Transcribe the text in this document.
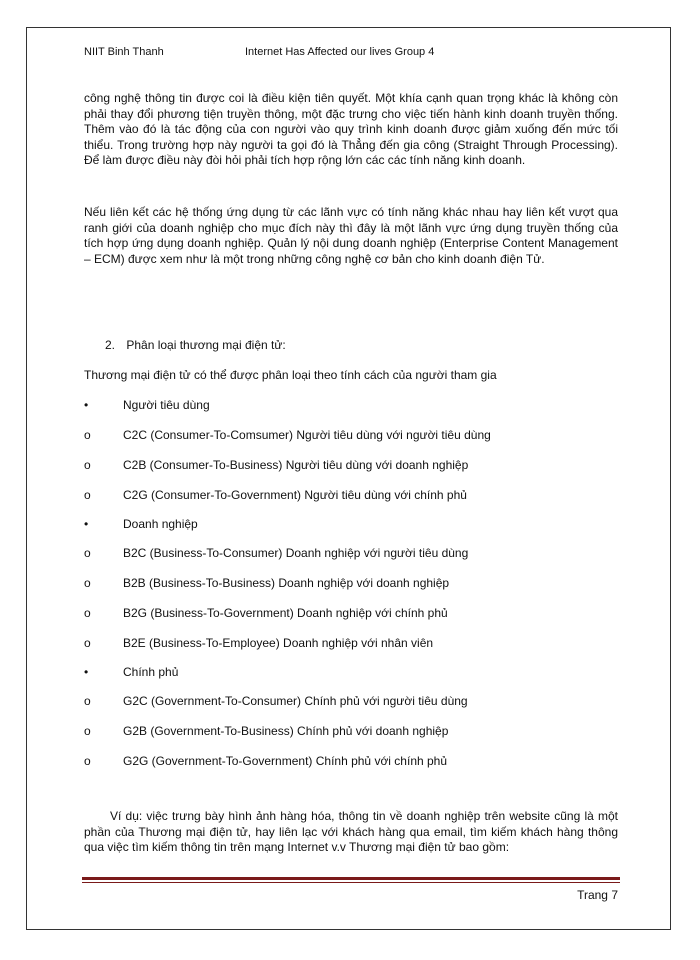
NIIT Binh Thanh	Internet Has Affected our lives Group 4

công nghệ thông tin được coi là điều kiện tiên quyết. Một khía cạnh quan trọng khác là không còn phải thay đổi phương tiện truyền thông, một đặc trưng cho việc tiến hành kinh doanh truyền thống. Thêm vào đó là tác động của con người vào quy trình kinh doanh được giảm xuống đến mức tối thiểu. Trong trường hợp này người ta gọi đó là Thẳng đến gia công (Straight Through Processing). Để làm được điều này đòi hỏi phải tích hợp rộng lớn các các tính năng kinh doanh.

Nếu liên kết các hệ thống ứng dụng từ các lãnh vực có tính năng khác nhau hay liên kết vượt qua ranh giới của doanh nghiệp cho mục đích này thì đây là một lãnh vực ứng dụng truyền thống của tích hợp ứng dụng doanh nghiệp. Quản lý nội dung doanh nghiệp (Enterprise Content Management – ECM) được xem như là một trong những công nghệ cơ bản cho kinh doanh điện Tử.

2. Phân loại thương mại điện tử:
Thương mại điện tử có thể được phân loại theo tính cách của người tham gia
•	Người tiêu dùng
o	C2C (Consumer-To-Comsumer) Người tiêu dùng với người tiêu dùng
o	C2B (Consumer-To-Business) Người tiêu dùng với doanh nghiệp
o	C2G (Consumer-To-Government) Người tiêu dùng với chính phủ
•	Doanh nghiệp
o	B2C (Business-To-Consumer) Doanh nghiệp với người tiêu dùng
o	B2B (Business-To-Business) Doanh nghiệp với doanh nghiệp
o	B2G (Business-To-Government) Doanh nghiệp với chính phủ
o	B2E (Business-To-Employee) Doanh nghiệp với nhân viên
•	Chính phủ
o	G2C (Government-To-Consumer) Chính phủ với người tiêu dùng
o	G2B (Government-To-Business) Chính phủ với doanh nghiệp
o	G2G (Government-To-Government) Chính phủ với chính phủ

Ví dụ: việc trưng bày hình ảnh hàng hóa, thông tin về doanh nghiệp trên website cũng là một phần của Thương mại điện tử, hay liên lạc với khách hàng qua email, tìm kiếm khách hàng thông qua việc tìm kiếm thông tin trên mạng Internet v.v Thương mại điện tử bao gồm:

Trang 7
